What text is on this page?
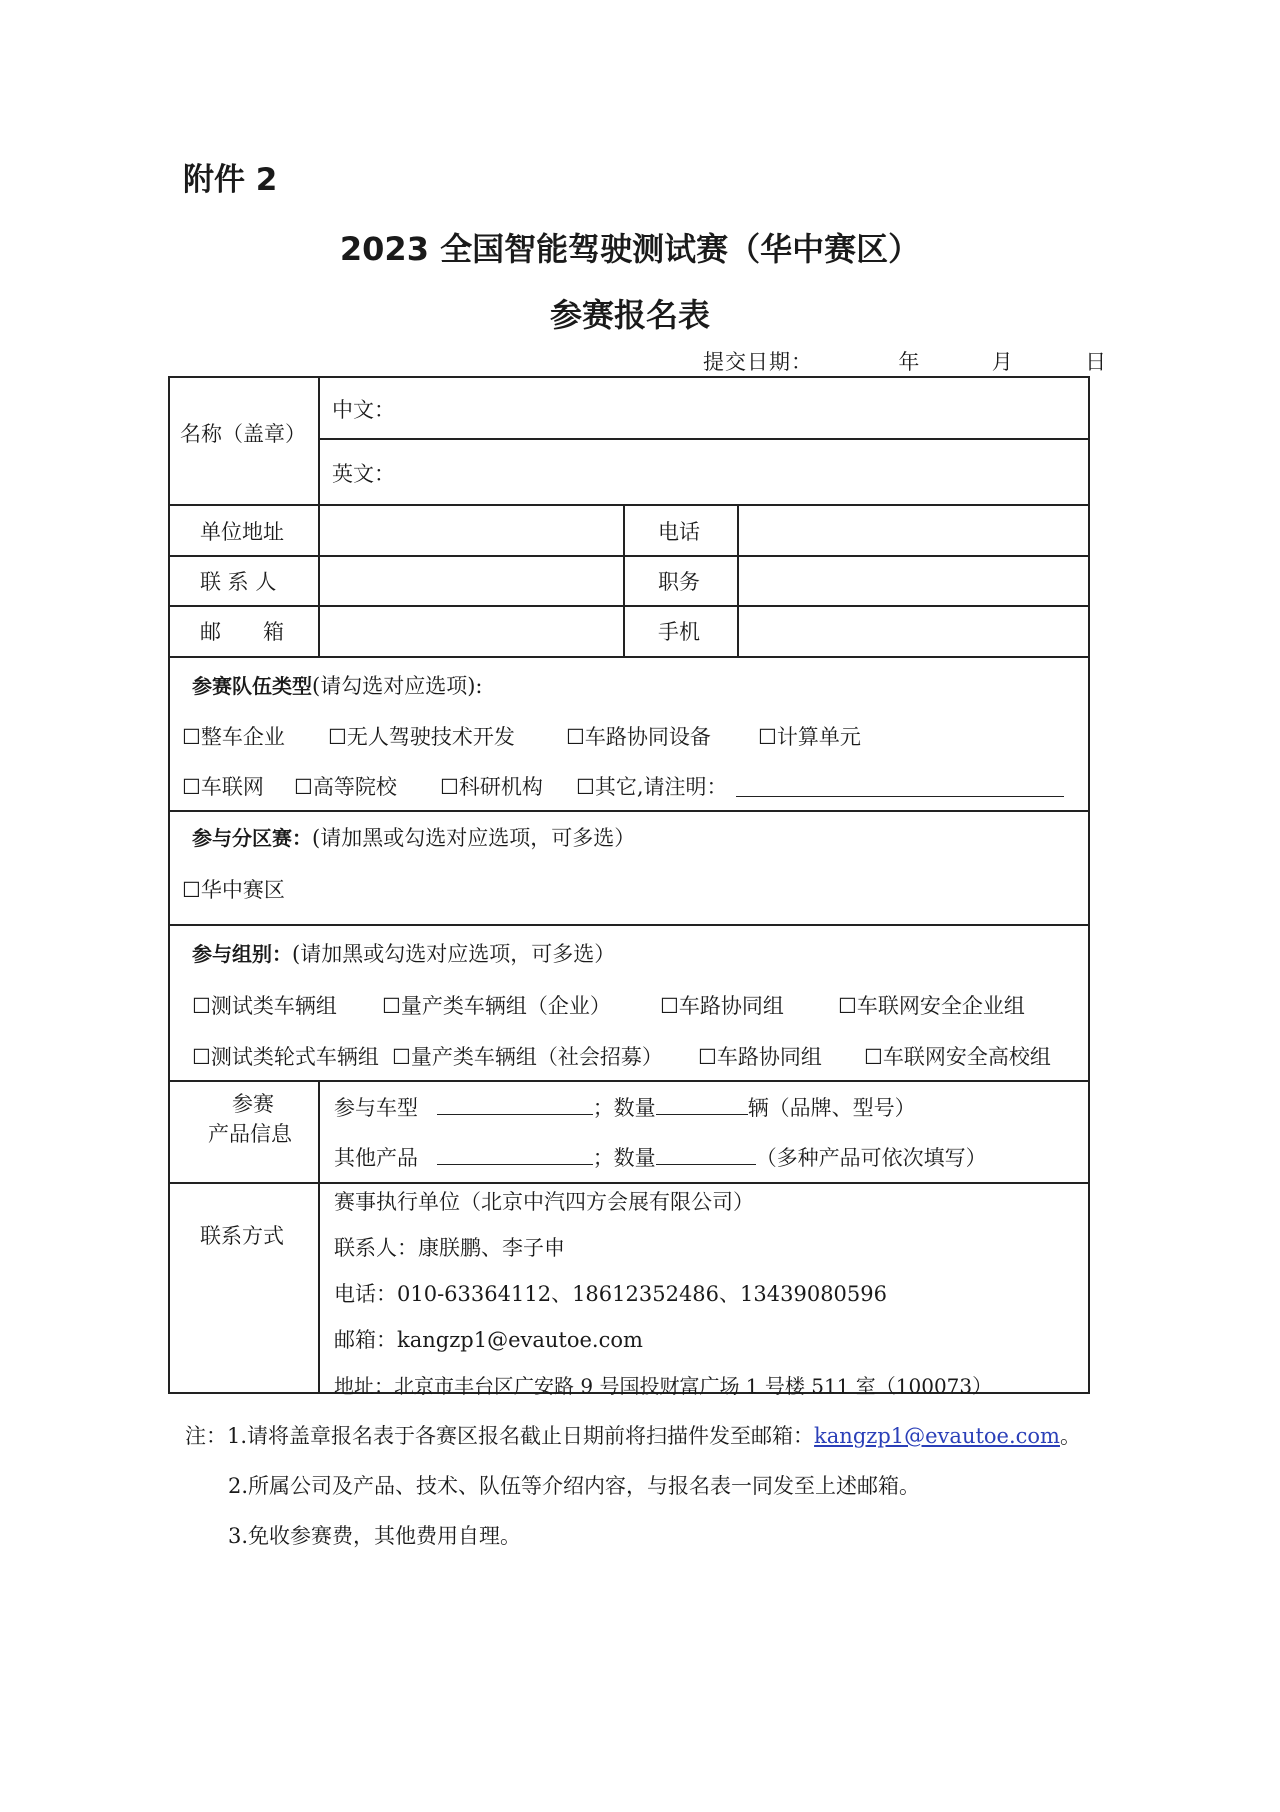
附件 2
2023 全国智能驾驶测试赛（华中赛区）
参赛报名表
提交日期：	年	月	日
名称（盖章）
中文：
英文：
单位地址	电话
联 系 人	职务
邮　　箱	手机
参赛队伍类型(请勾选对应选项):
☐整车企业 ☐无人驾驶技术开发 ☐车路协同设备 ☐计算单元
☐车联网 ☐高等院校 ☐科研机构 ☐其它,请注明：
参与分区赛：(请加黑或勾选对应选项，可多选）
☐华中赛区
参与组别：(请加黑或勾选对应选项，可多选）
☐测试类车辆组 ☐量产类车辆组（企业） ☐车路协同组	☐车联网安全企业组
☐测试类轮式车辆组 ☐量产类车辆组（社会招募） ☐车路协同组 ☐车联网安全高校组
参赛
产品信息
参与车型	；数量	辆（品牌、型号）
其他产品	；数量	（多种产品可依次填写）
联系方式
赛事执行单位（北京中汽四方会展有限公司）
联系人：康朕鹏、李子申
电话：010-63364112、18612352486、13439080596
邮箱：kangzp1@evautoe.com
地址：北京市丰台区广安路 9 号国投财富广场 1 号楼 511 室（100073）
注：1.请将盖章报名表于各赛区报名截止日期前将扫描件发至邮箱：kangzp1@evautoe.com。
2.所属公司及产品、技术、队伍等介绍内容，与报名表一同发至上述邮箱。
3.免收参赛费，其他费用自理。
